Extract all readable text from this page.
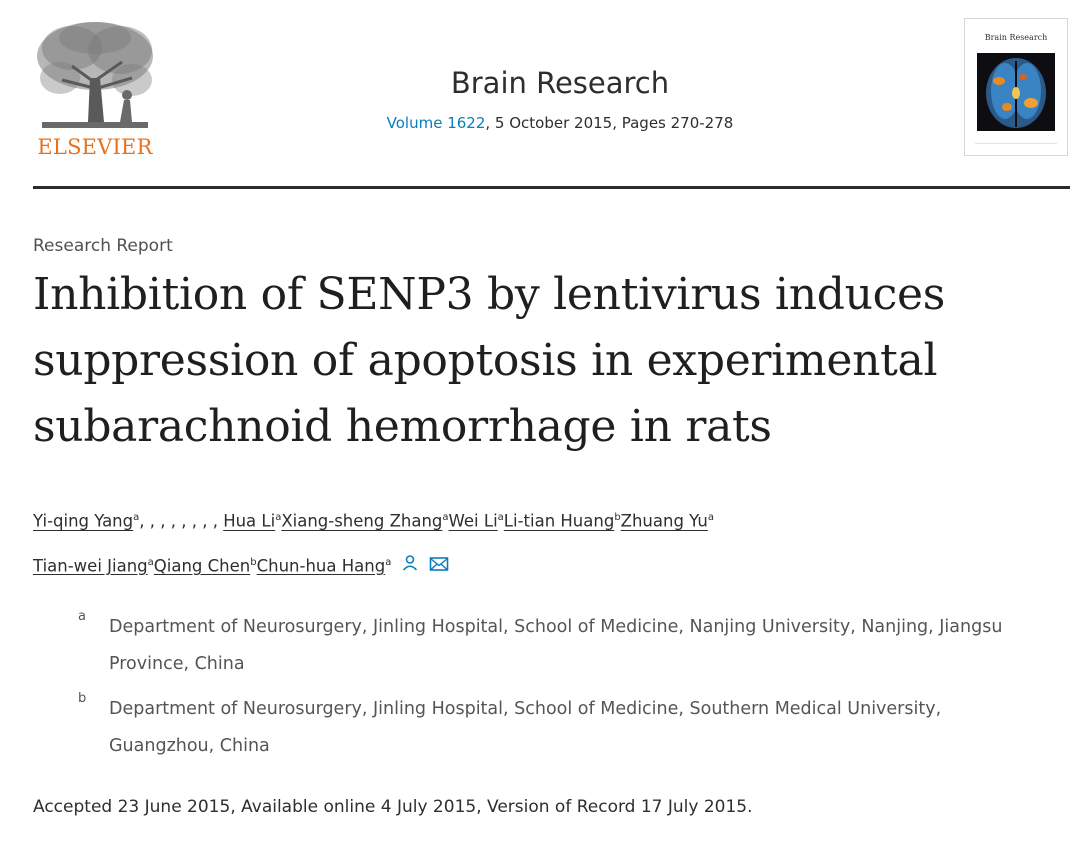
ELSEVIER
Brain Research
Volume 1622, 5 October 2015, Pages 270-278
Brain Research
Research Report
Inhibition of SENP3 by lentivirus induces
suppression of apoptosis in experimental
subarachnoid hemorrhage in rats
Yi-qing Yang$^a$, , , , , , , , Hua Li$^a$Xiang-sheng Zhang$^a$Wei Li$^a$Li-tian Huang$^b$Zhuang Yu$^a$
Tian-wei Jiang$^a$Qiang Chen$^b$Chun-hua Hang$^a$
a
Department of Neurosurgery, Jinling Hospital, School of Medicine, Nanjing University, Nanjing, Jiangsu Province, China
b
Department of Neurosurgery, Jinling Hospital, School of Medicine, Southern Medical University, Guangzhou, China
Accepted 23 June 2015, Available online 4 July 2015, Version of Record 17 July 2015.
